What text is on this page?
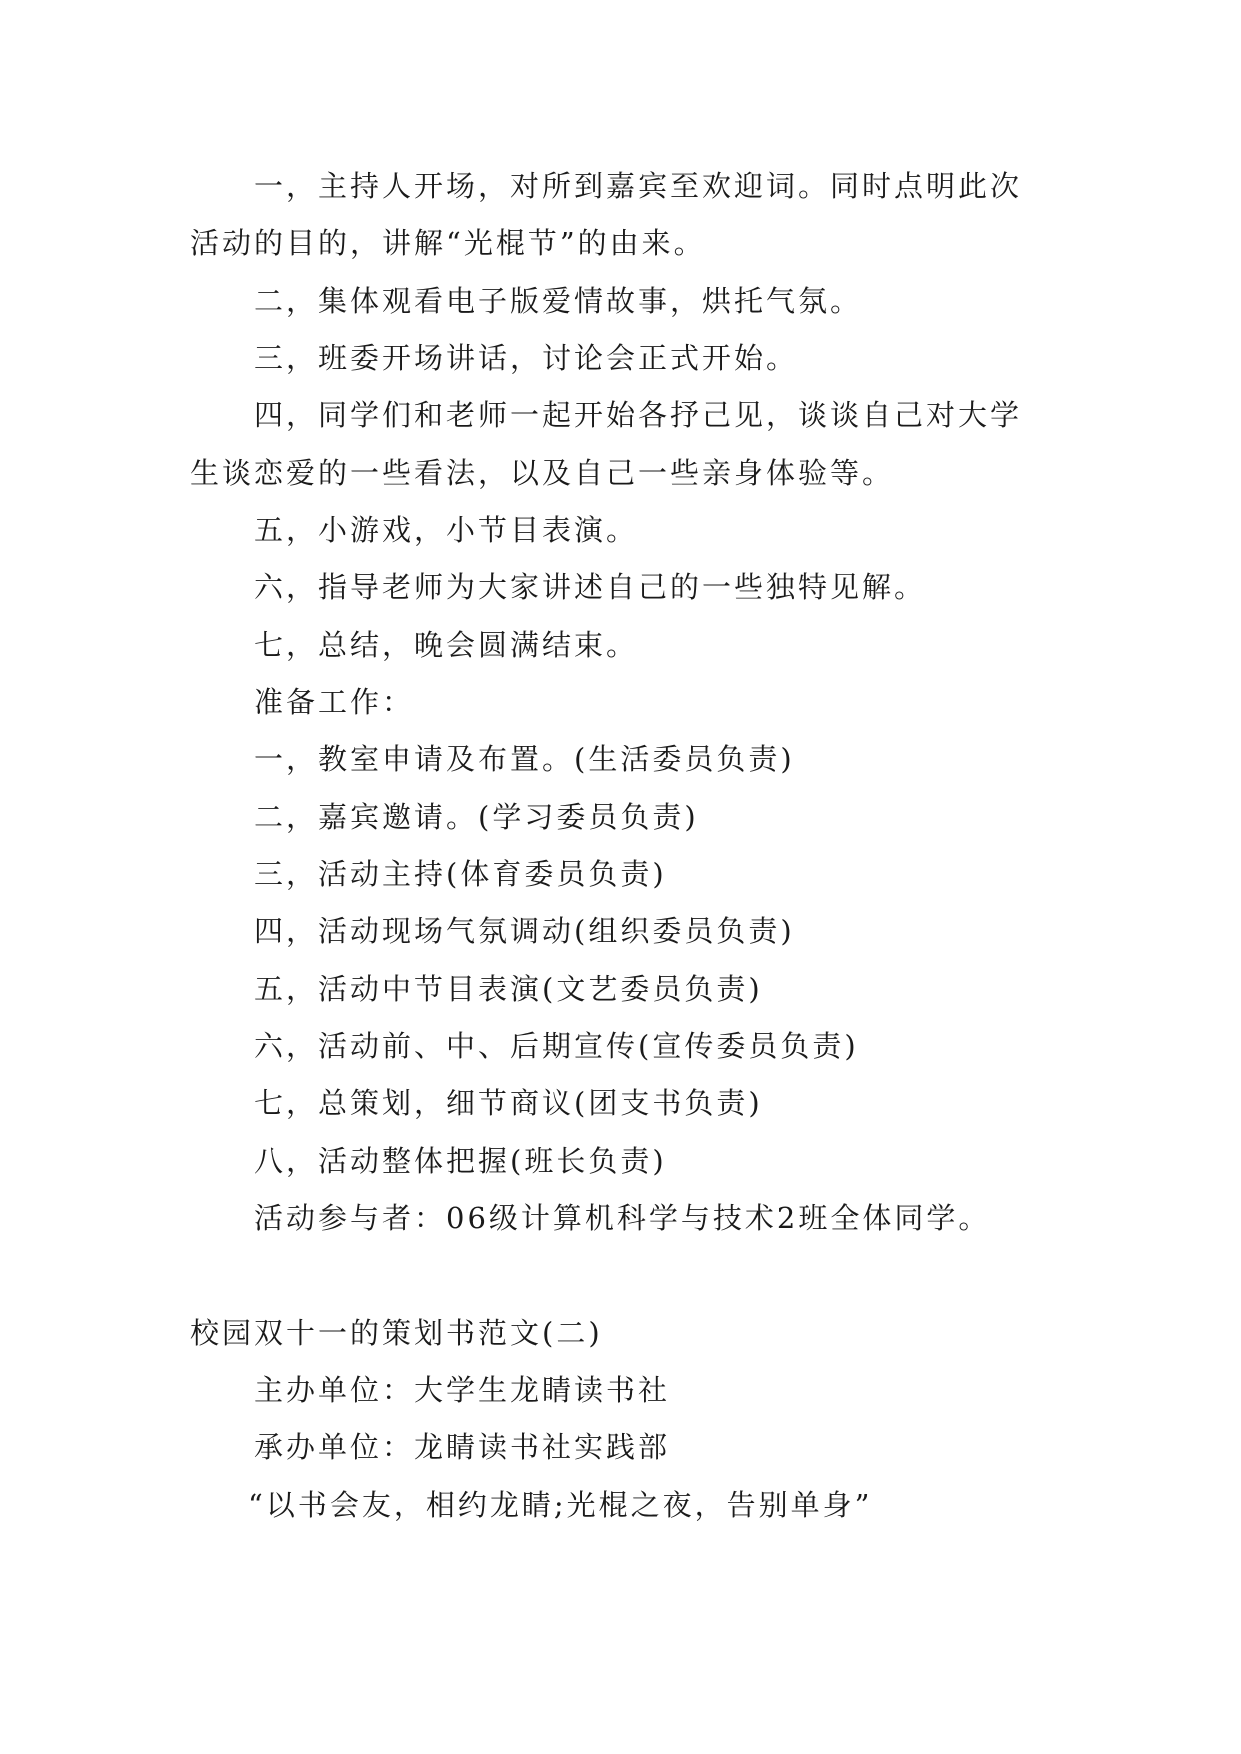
一，主持人开场，对所到嘉宾至欢迎词。同时点明此次
活动的目的，讲解“光棍节”的由来。
二，集体观看电子版爱情故事，烘托气氛。
三，班委开场讲话，讨论会正式开始。
四，同学们和老师一起开始各抒己见，谈谈自己对大学
生谈恋爱的一些看法，以及自己一些亲身体验等。
五，小游戏，小节目表演。
六，指导老师为大家讲述自己的一些独特见解。
七，总结，晚会圆满结束。
准备工作：
一，教室申请及布置。(生活委员负责)
二，嘉宾邀请。(学习委员负责)
三，活动主持(体育委员负责)
四，活动现场气氛调动(组织委员负责)
五，活动中节目表演(文艺委员负责)
六，活动前、中、后期宣传(宣传委员负责)
七，总策划，细节商议(团支书负责)
八，活动整体把握(班长负责)
活动参与者：06级计算机科学与技术2班全体同学。
校园双十一的策划书范文(二)
主办单位：大学生龙睛读书社
承办单位：龙睛读书社实践部
“以书会友，相约龙睛;光棍之夜，告别单身”
